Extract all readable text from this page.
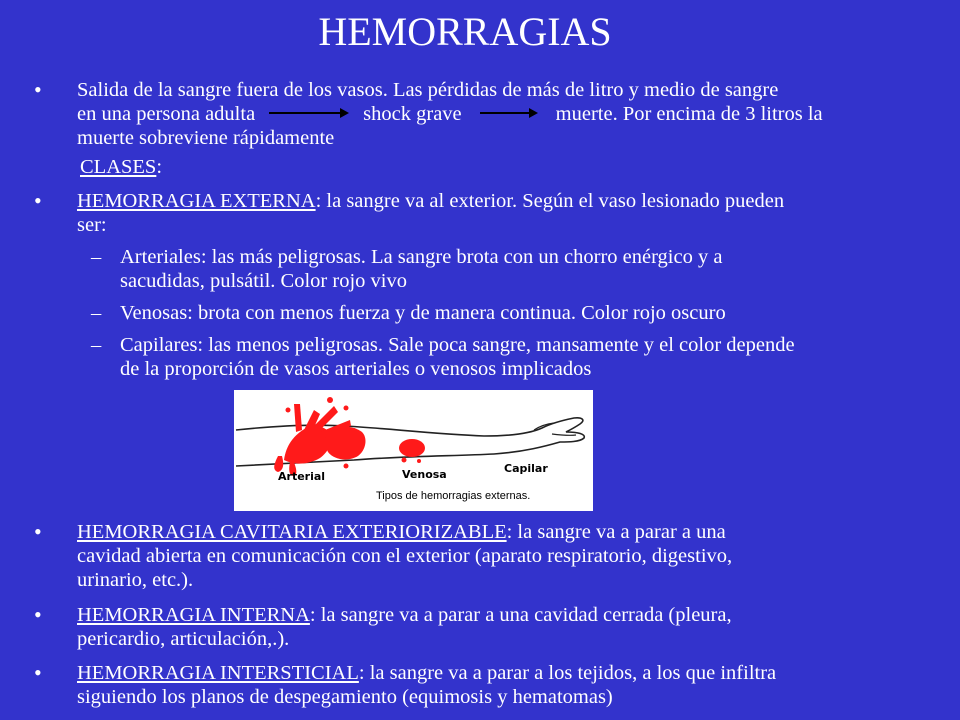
HEMORRAGIAS
• Salida de la sangre fuera de los vasos. Las pérdidas de más de litro y medio de sangre
en una persona adulta	shock grave	muerte. Por encima de 3 litros la
muerte sobreviene rápidamente
CLASES:
• HEMORRAGIA EXTERNA: la sangre va al exterior. Según el vaso lesionado pueden
ser:
– Arteriales: las más peligrosas. La sangre brota con un chorro enérgico y a
sacudidas, pulsátil. Color rojo vivo
– Venosas: brota con menos fuerza y de manera continua. Color rojo oscuro
– Capilares: las menos peligrosas. Sale poca sangre, mansamente y el color depende
de la proporción de vasos arteriales o venosos implicados
Arterial	Venosa	Capilar
Tipos de hemorragias externas.
• HEMORRAGIA CAVITARIA EXTERIORIZABLE: la sangre va a parar a una
cavidad abierta en comunicación con el exterior (aparato respiratorio, digestivo,
urinario, etc.).
• HEMORRAGIA INTERNA: la sangre va a parar a una cavidad cerrada (pleura,
pericardio, articulación,.).
• HEMORRAGIA INTERSTICIAL: la sangre va a parar a los tejidos, a los que infiltra
siguiendo los planos de despegamiento (equimosis y hematomas)
